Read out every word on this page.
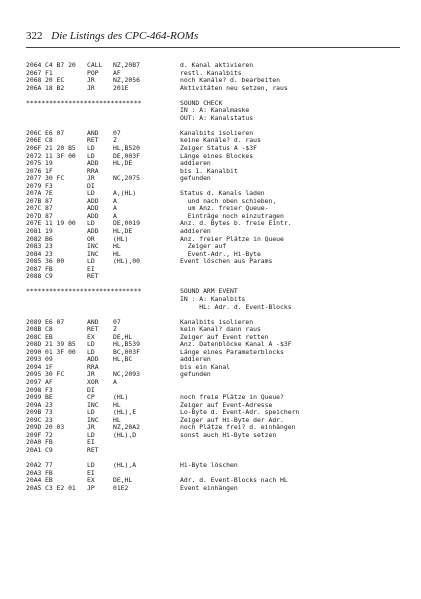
322 Die Listings des CPC-464-ROMs
2064 C4 B7 20	CALL	NZ,20B7	d. Kanal aktivieren
2067 F1	POP	AF	restl. Kanalbits
2068 20 EC	JR	NZ,2056	noch Kanäle? d. bearbeiten
206A 18 B2	JR	201E	Aktivitäten neu setzen, raus
******************************	SOUND CHECK
IN : A: Kanalmaske
OUT: A: Kanalstatus
206C E6 07	AND	07	Kanalbits isolieren
206E C8	RET	Z	keine Kanäle? d. raus
206F 21 20 B5	LD	HL,B520	Zeiger Status A -$3F
2072 11 3F 00	LD	DE,003F	Länge eines Blockes
2075 19	ADD	HL,DE	addieren
2076 1F	RRA	bis 1. Kanalbit
2077 30 FC	JR	NC,2075	gefunden
2079 F3	DI
207A 7E	LD	A,(HL)	Status d. Kanals laden
207B 87	ADD	A	und nach oben schieben,
207C 87	ADD	A	um Anz. freier Queue-
207D 87	ADD	A	Einträge noch einzutragen
207E 11 19 00	LD	DE,0019	Anz. d. Bytes b. freie Eintr.
2081 19	ADD	HL,DE	addieren
2082 B6	OR	(HL)	Anz. freier Plätze in Queue
2083 23	INC	HL	Zeiger auf
2084 23	INC	HL	Event-Adr., Hi-Byte
2085 36 00	LD	(HL),00	Event löschen aus Params
2087 FB	EI
2088 C9	RET
******************************	SOUND ARM EVENT
IN : A: Kanalbits
HL: Adr. d. Event-Blocks
2089 E6 07	AND	07	Kanalbits isolieren
208B C8	RET	Z	kein Kanal? dann raus
208C EB	EX	DE,HL	Zeiger auf Event retten
208D 21 39 B5	LD	HL,B539	Anz. Datenblöcke Kanal A -$3F
2090 01 3F 00	LD	BC,003F	Länge eines Parameterblocks
2093 09	ADD	HL,BC	addieren
2094 1F	RRA	bis ein Kanal
2095 30 FC	JR	NC,2093	gefunden
2097 AF	XOR	A
2098 F3	DI
2099 BE	CP	(HL)	noch freie Plätze in Queue?
209A 23	INC	HL	Zeiger auf Event-Adresse
209B 73	LD	(HL),E	Lo-Byte d. Event-Adr. speichern
209C 23	INC	HL	Zeiger auf Hi-Byte der Adr.
209D 20 03	JR	NZ,20A2	noch Plätze frei? d. einhängen
209F 72	LD	(HL),D	sonst auch Hi-Byte setzen
20A0 FB	EI
20A1 C9	RET
20A2 77	LD	(HL),A	Hi-Byte löschen
20A3 FB	EI
20A4 EB	EX	DE,HL	Adr. d. Event-Blocks nach HL
20A5 C3 E2 01	JP	01E2	Event einhängen
